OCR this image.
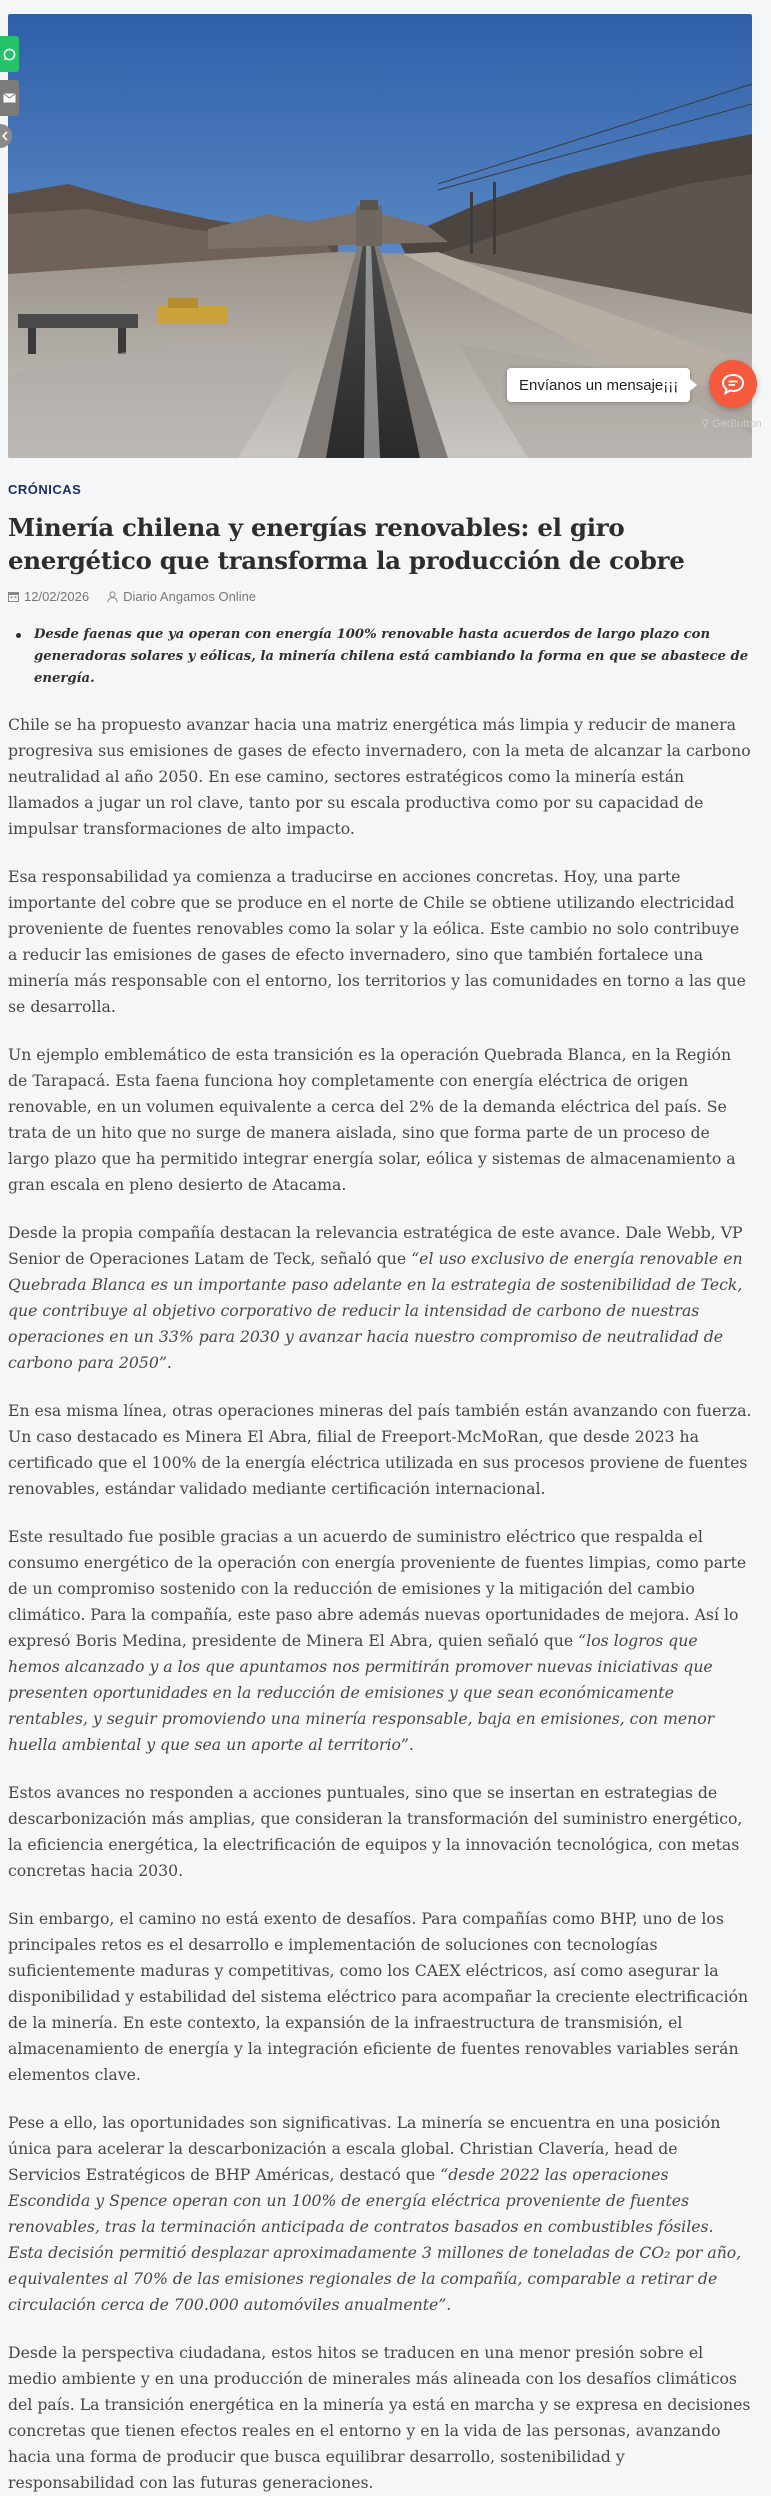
Envíanos un mensaje¡¡¡
⚲ GetButton
CRÓNICAS
Minería chilena y energías renovables: el giro energético que transforma la producción de cobre
12/02/2026	Diario Angamos Online
Desde faenas que ya operan con energía 100% renovable hasta acuerdos de largo plazo con generadoras solares y eólicas, la minería chilena está cambiando la forma en que se abastece de energía.

Chile se ha propuesto avanzar hacia una matriz energética más limpia y reducir de manera progresiva sus emisiones de gases de efecto invernadero, con la meta de alcanzar la carbono neutralidad al año 2050. En ese camino, sectores estratégicos como la minería están llamados a jugar un rol clave, tanto por su escala productiva como por su capacidad de impulsar transformaciones de alto impacto.

Esa responsabilidad ya comienza a traducirse en acciones concretas. Hoy, una parte importante del cobre que se produce en el norte de Chile se obtiene utilizando electricidad proveniente de fuentes renovables como la solar y la eólica. Este cambio no solo contribuye a reducir las emisiones de gases de efecto invernadero, sino que también fortalece una minería más responsable con el entorno, los territorios y las comunidades en torno a las que se desarrolla.

Un ejemplo emblemático de esta transición es la operación Quebrada Blanca, en la Región de Tarapacá. Esta faena funciona hoy completamente con energía eléctrica de origen renovable, en un volumen equivalente a cerca del 2% de la demanda eléctrica del país. Se trata de un hito que no surge de manera aislada, sino que forma parte de un proceso de largo plazo que ha permitido integrar energía solar, eólica y sistemas de almacenamiento a gran escala en pleno desierto de Atacama.

Desde la propia compañía destacan la relevancia estratégica de este avance. Dale Webb, VP Senior de Operaciones Latam de Teck, señaló que “el uso exclusivo de energía renovable en Quebrada Blanca es un importante paso adelante en la estrategia de sostenibilidad de Teck, que contribuye al objetivo corporativo de reducir la intensidad de carbono de nuestras operaciones en un 33% para 2030 y avanzar hacia nuestro compromiso de neutralidad de carbono para 2050”.

En esa misma línea, otras operaciones mineras del país también están avanzando con fuerza. Un caso destacado es Minera El Abra, filial de Freeport-McMoRan, que desde 2023 ha certificado que el 100% de la energía eléctrica utilizada en sus procesos proviene de fuentes renovables, estándar validado mediante certificación internacional.

Este resultado fue posible gracias a un acuerdo de suministro eléctrico que respalda el consumo energético de la operación con energía proveniente de fuentes limpias, como parte de un compromiso sostenido con la reducción de emisiones y la mitigación del cambio climático. Para la compañía, este paso abre además nuevas oportunidades de mejora. Así lo expresó Boris Medina, presidente de Minera El Abra, quien señaló que “los logros que hemos alcanzado y a los que apuntamos nos permitirán promover nuevas iniciativas que presenten oportunidades en la reducción de emisiones y que sean económicamente rentables, y seguir promoviendo una minería responsable, baja en emisiones, con menor huella ambiental y que sea un aporte al territorio”.

Estos avances no responden a acciones puntuales, sino que se insertan en estrategias de descarbonización más amplias, que consideran la transformación del suministro energético, la eficiencia energética, la electrificación de equipos y la innovación tecnológica, con metas concretas hacia 2030.

Sin embargo, el camino no está exento de desafíos. Para compañías como BHP, uno de los principales retos es el desarrollo e implementación de soluciones con tecnologías suficientemente maduras y competitivas, como los CAEX eléctricos, así como asegurar la disponibilidad y estabilidad del sistema eléctrico para acompañar la creciente electrificación de la minería. En este contexto, la expansión de la infraestructura de transmisión, el almacenamiento de energía y la integración eficiente de fuentes renovables variables serán elementos clave.

Pese a ello, las oportunidades son significativas. La minería se encuentra en una posición única para acelerar la descarbonización a escala global. Christian Clavería, head de Servicios Estratégicos de BHP Américas, destacó que “desde 2022 las operaciones Escondida y Spence operan con un 100% de energía eléctrica proveniente de fuentes renovables, tras la terminación anticipada de contratos basados en combustibles fósiles. Esta decisión permitió desplazar aproximadamente 3 millones de toneladas de CO₂ por año, equivalentes al 70% de las emisiones regionales de la compañía, comparable a retirar de circulación cerca de 700.000 automóviles anualmente”.

Desde la perspectiva ciudadana, estos hitos se traducen en una menor presión sobre el medio ambiente y en una producción de minerales más alineada con los desafíos climáticos del país. La transición energética en la minería ya está en marcha y se expresa en decisiones concretas que tienen efectos reales en el entorno y en la vida de las personas, avanzando hacia una forma de producir que busca equilibrar desarrollo, sostenibilidad y responsabilidad con las futuras generaciones.
